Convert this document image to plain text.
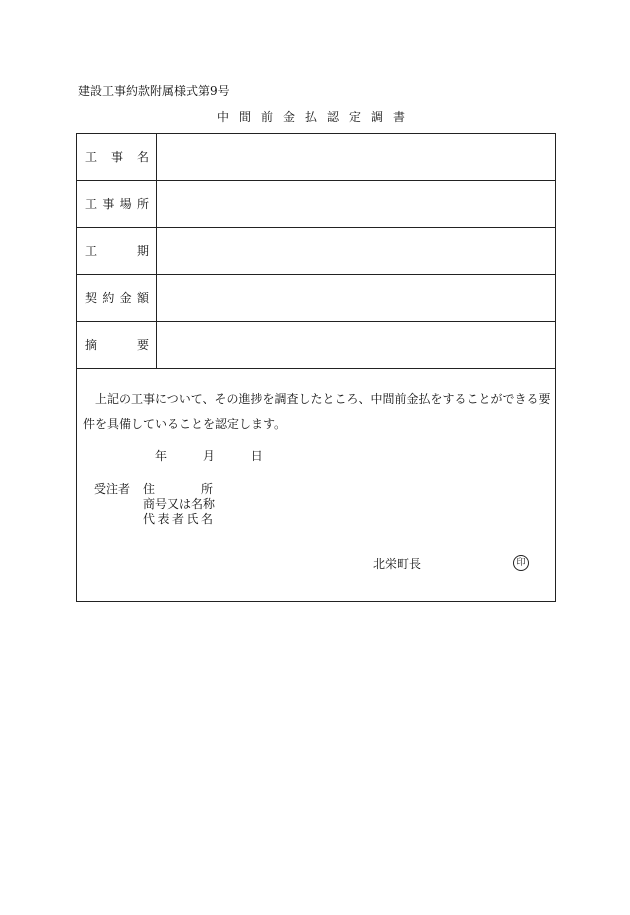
建設工事約款附属様式第9号
中間前金払認定調書
工事名
工事場所
工期
契約金額
摘要

上記の工事について、その進捗を調査したところ、中間前金払をすることができる要件を具備していることを認定します。

年	月	日
受注者 住所
商号又は名称
代表者氏名
北栄町長	印
